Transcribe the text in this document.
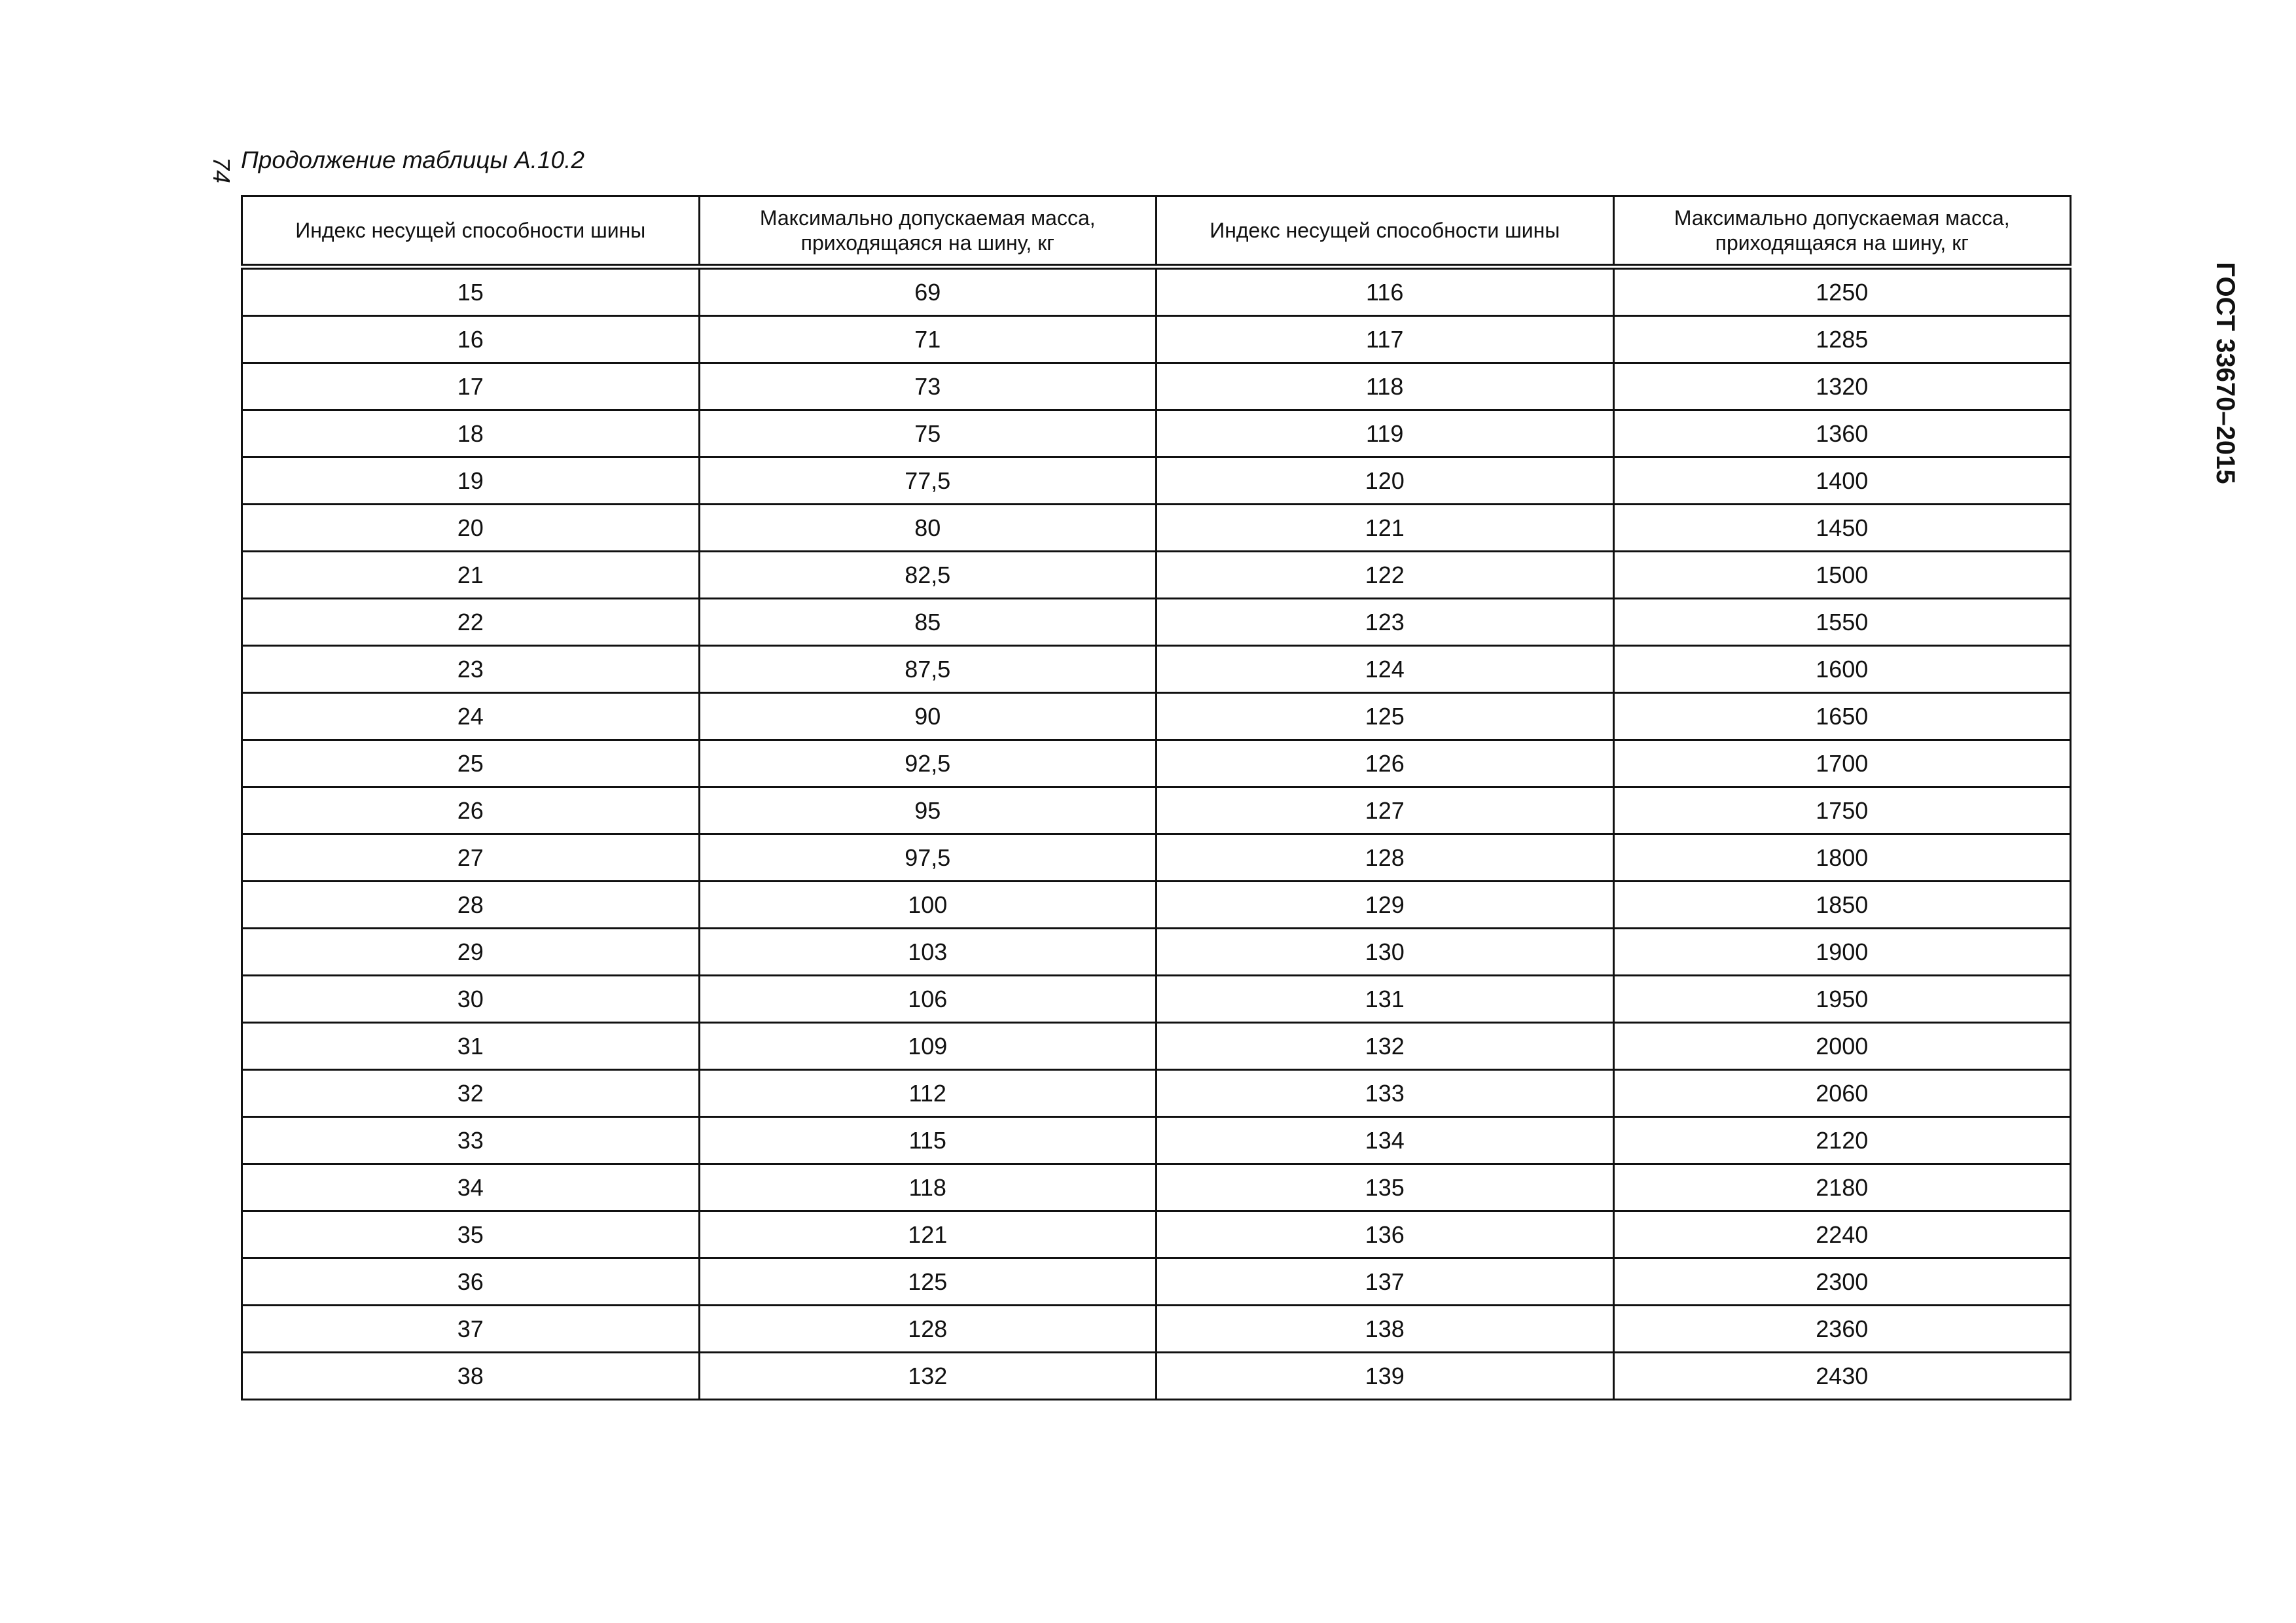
74 Продолжение таблицы А.10.2
ГОСТ 33670–2015
Индекс несущей способности шины	Максимально допускаемая масса, приходящаяся на шину, кг	Индекс несущей способности шины	Максимально допускаемая масса, приходящаяся на шину, кг
15	69	116	1250
16	71	117	1285
17	73	118	1320
18	75	119	1360
19	77,5	120	1400
20	80	121	1450
21	82,5	122	1500
22	85	123	1550
23	87,5	124	1600
24	90	125	1650
25	92,5	126	1700
26	95	127	1750
27	97,5	128	1800
28	100	129	1850
29	103	130	1900
30	106	131	1950
31	109	132	2000
32	112	133	2060
33	115	134	2120
34	118	135	2180
35	121	136	2240
36	125	137	2300
37	128	138	2360
38	132	139	2430
